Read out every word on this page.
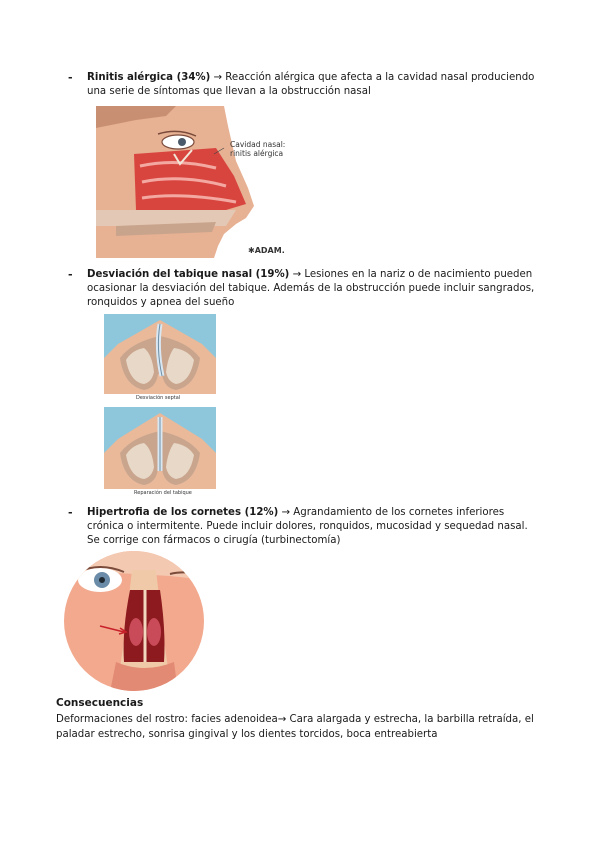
- Rinitis alérgica (34%) → Reacción alérgica que afecta a la cavidad nasal produciendo una serie de síntomas que llevan a la obstrucción nasal
Cavidad nasal:
rinitis alérgica
✱ADAM.
- Desviación del tabique nasal (19%) → Lesiones en la nariz o de nacimiento pueden ocasionar la desviación del tabique. Además de la obstrucción puede incluir sangrados, ronquidos y apnea del sueño
Desviación septal
Reparación del tabique
- Hipertrofia de los cornetes (12%) → Agrandamiento de los cornetes inferiores crónica o intermitente. Puede incluir dolores, ronquidos, mucosidad y sequedad nasal. Se corrige con fármacos o cirugía (turbinectomía)
Consecuencias
Deformaciones del rostro: facies adenoidea→ Cara alargada y estrecha, la barbilla retraída, el paladar estrecho, sonrisa gingival y los dientes torcidos, boca entreabierta
